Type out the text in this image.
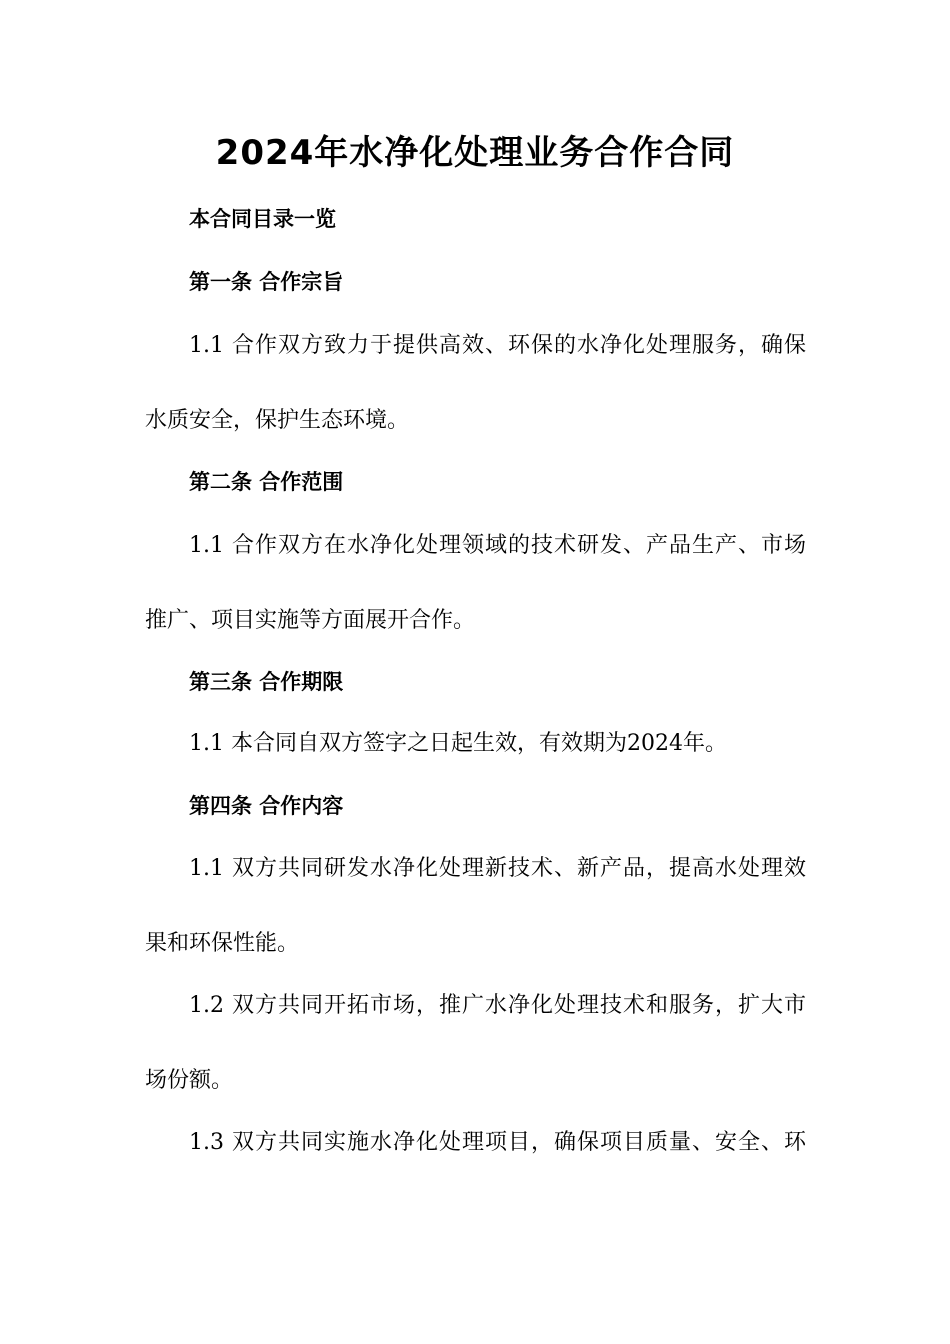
2024年水净化处理业务合作合同

本合同目录一览

第一条 合作宗旨

1.1 合作双方致力于提供高效、环保的水净化处理服务，确保

水质安全，保护生态环境。

第二条 合作范围

1.1 合作双方在水净化处理领域的技术研发、产品生产、市场

推广、项目实施等方面展开合作。

第三条 合作期限

1.1 本合同自双方签字之日起生效，有效期为2024年。

第四条 合作内容

1.1 双方共同研发水净化处理新技术、新产品，提高水处理效

果和环保性能。

1.2 双方共同开拓市场，推广水净化处理技术和服务，扩大市

场份额。

1.3 双方共同实施水净化处理项目，确保项目质量、安全、环
